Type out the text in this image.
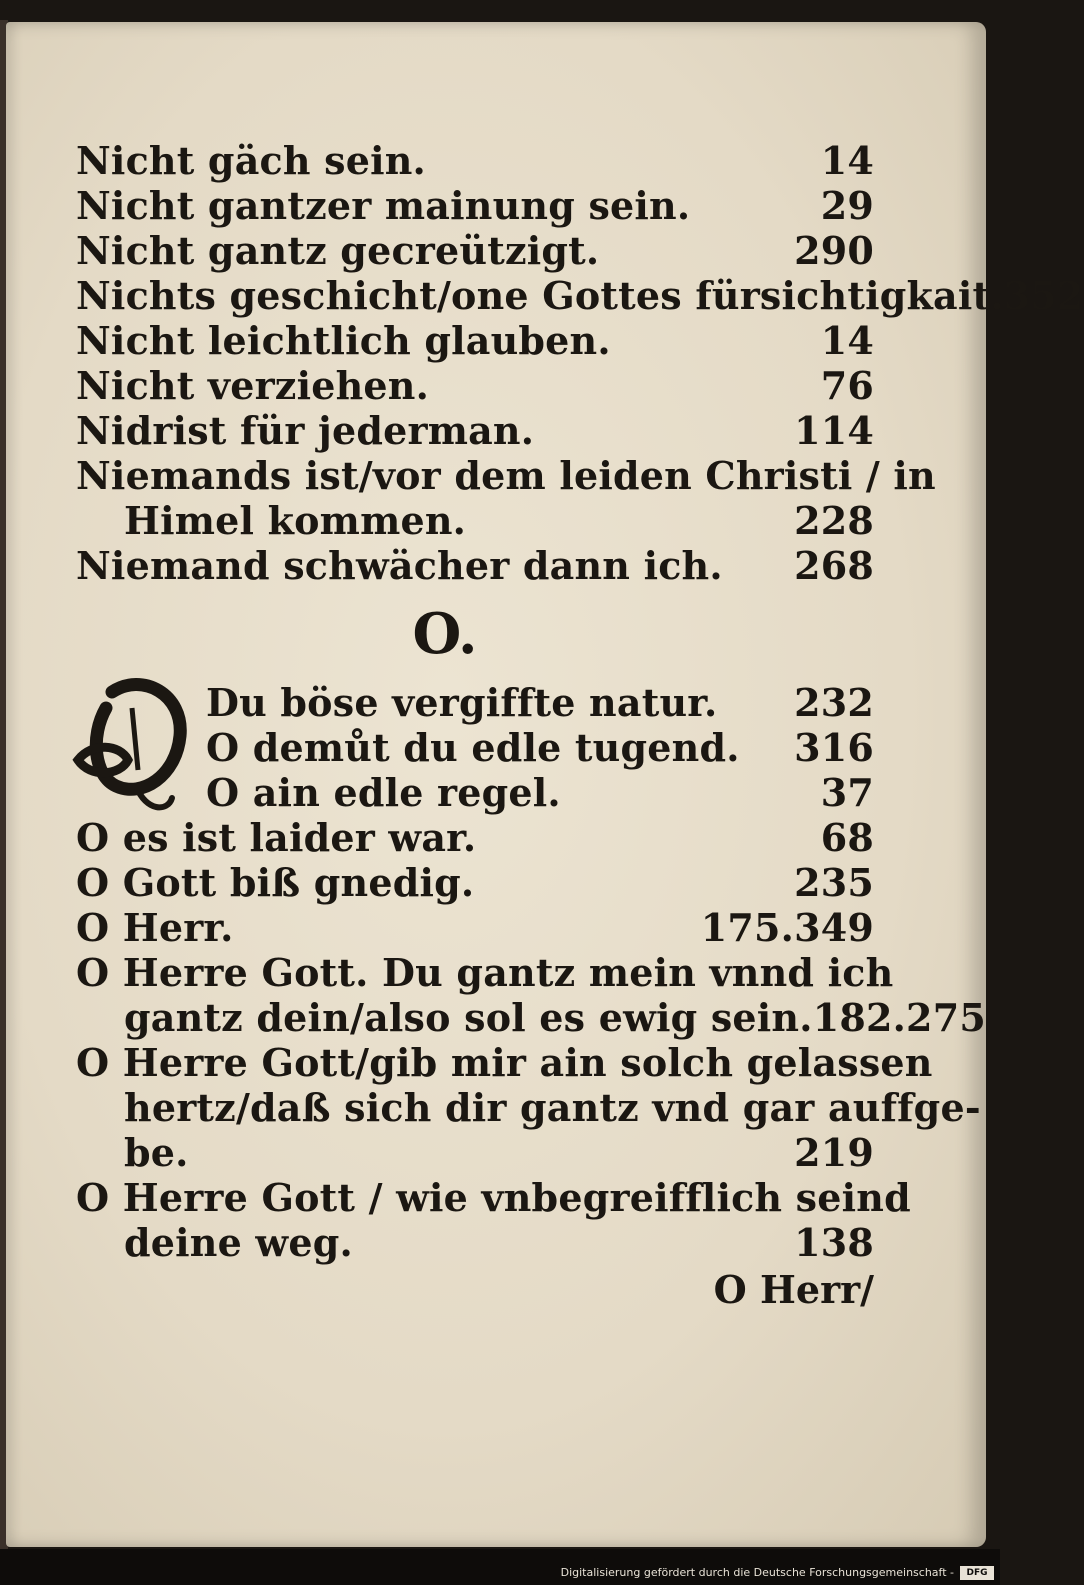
Nicht gäch sein.	14
Nicht gantzer mainung sein.	29
Nicht gantz gecreützigt.	290
Nichts geschicht/one Gottes fürsichtigkait. 352
Nicht leichtlich glauben.	14
Nicht verziehen.	76
Nidrist für jederman.	114
Niemands ist/vor dem leiden Christi / in
Himel kommen.	228
Niemand schwächer dann ich. 268
O.
Du böse vergiffte natur. 232
O demůt du edle tugend. 316
O ain edle regel.	37
O es ist laider war.	68
O Gott biß gnedig.	235
O Herr.	175.349
O Herre Gott. Du gantz mein vnnd ich
gantz dein/also sol es ewig sein. 182.275
O Herre Gott/gib mir ain solch gelassen
hertz/daß sich dir gantz vnd gar auffge-
be.	219
O Herre Gott / wie vnbegreifflich seind
deine weg.	138
O Herr/
Digitalisierung gefördert durch die Deutsche Forschungsgemeinschaft -	DFG
